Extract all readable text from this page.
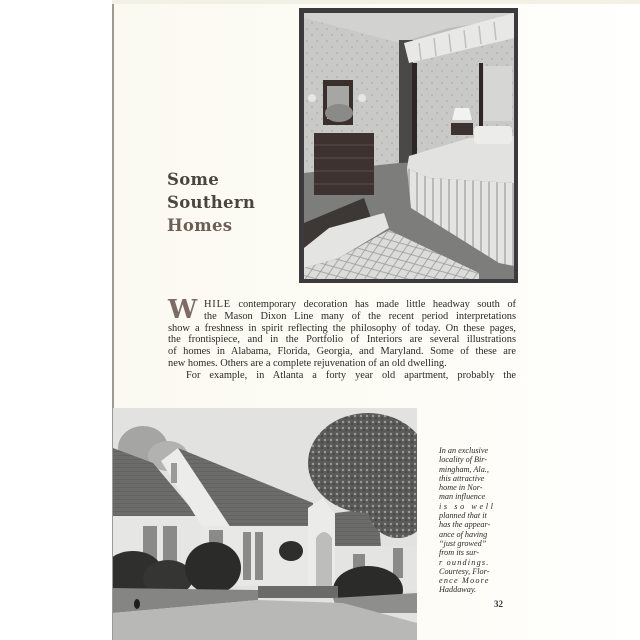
Some
Southern
Homes
W HILE contemporary decoration has made little headway south of
the Mason Dixon Line many of the recent period interpretations
show a freshness in spirit reflecting the philosophy of today. On these pages,
the frontispiece, and in the Portfolio of Interiors are several illustrations
of homes in Alabama, Florida, Georgia, and Maryland. Some of these are
new homes. Others are a complete rejuvenation of an old dwelling.
For example, in Atlanta a forty year old apartment, probably the
In an exclusive
locality of Bir-
mingham, Ala.,
this attractive
home in Nor-
man influence
is so well
planned that it
has the appear-
ance of having
“just growed”
from its sur-
r oundings.
Courtesy, Flor-
ence Moore
Haddaway.
32
